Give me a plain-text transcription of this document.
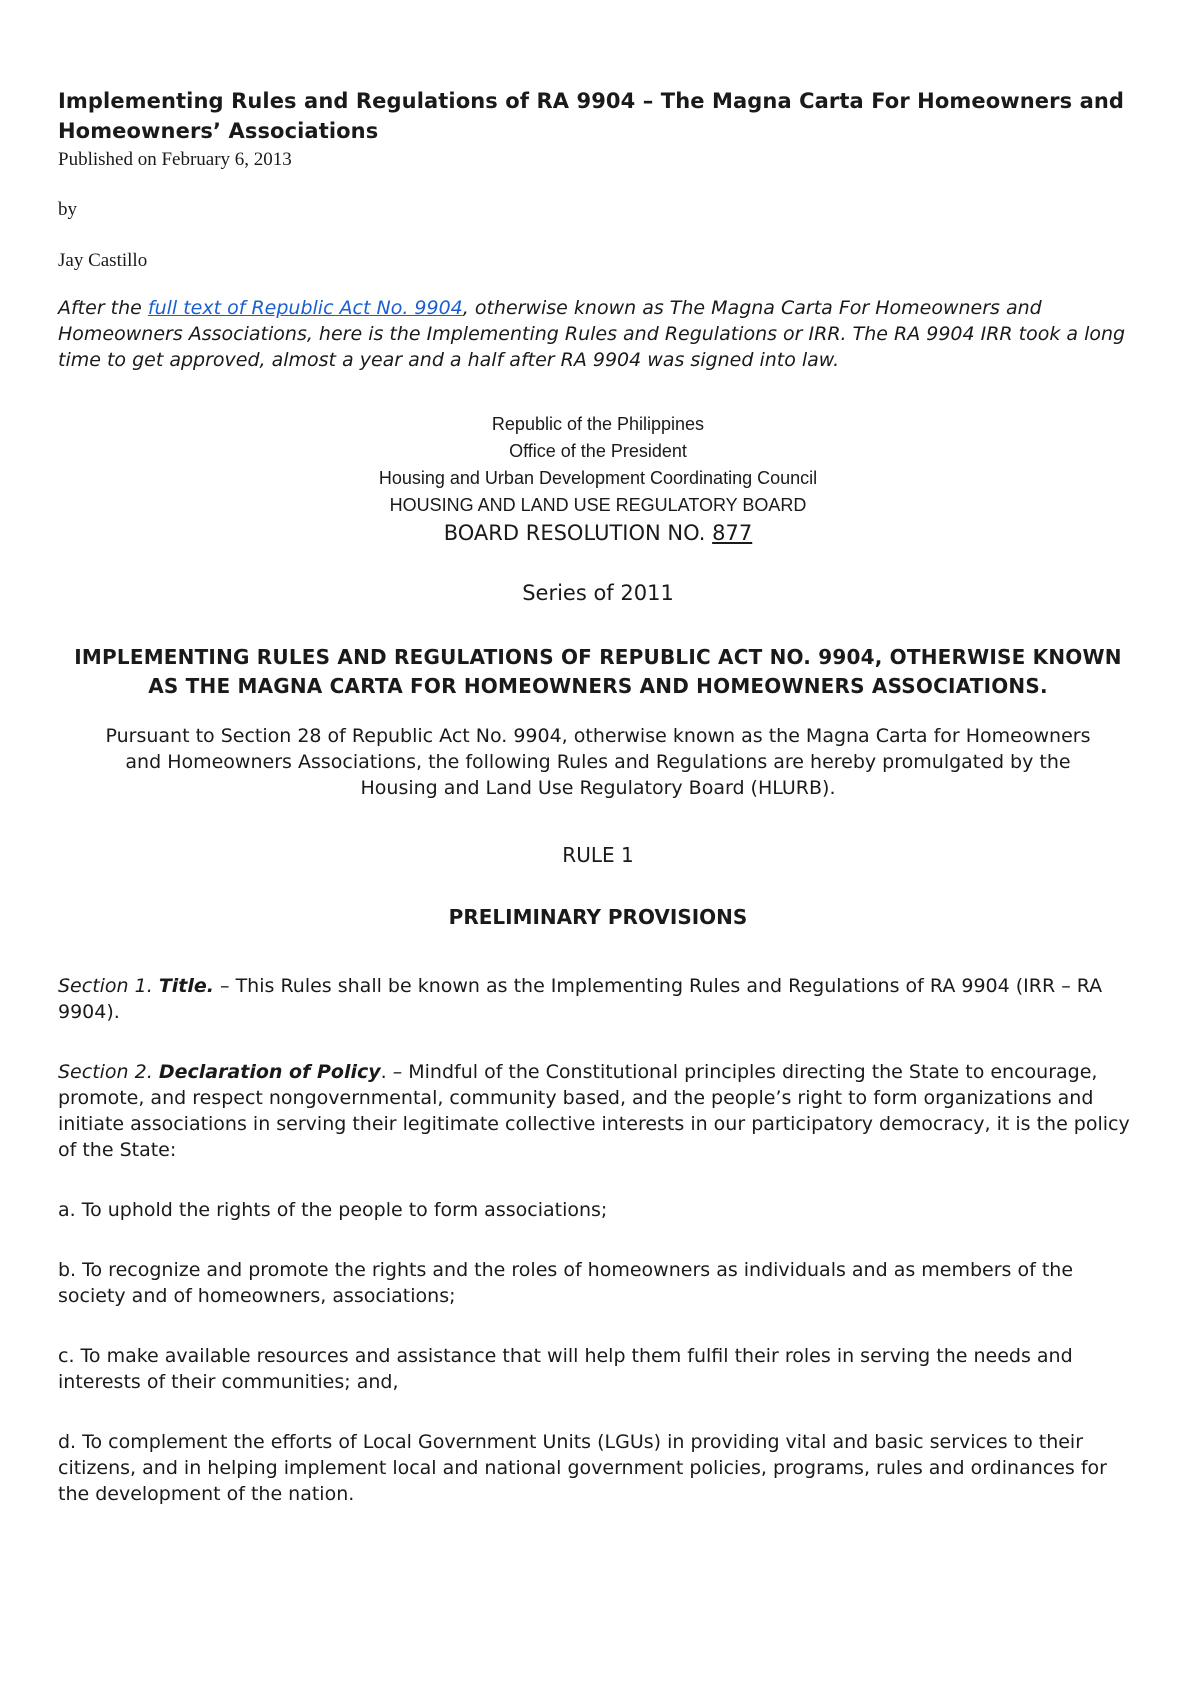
Implementing Rules and Regulations of RA 9904 – The Magna Carta For Homeowners and Homeowners’ Associations

Published on February 6, 2013

by

Jay Castillo

After the full text of Republic Act No. 9904, otherwise known as The Magna Carta For Homeowners and Homeowners Associations, here is the Implementing Rules and Regulations or IRR. The RA 9904 IRR took a long time to get approved, almost a year and a half after RA 9904 was signed into law.

Republic of the Philippines
Office of the President
Housing and Urban Development Coordinating Council
HOUSING AND LAND USE REGULATORY BOARD
BOARD RESOLUTION NO. 877
Series of 2011
IMPLEMENTING RULES AND REGULATIONS OF REPUBLIC ACT NO. 9904, OTHERWISE KNOWN AS THE MAGNA CARTA FOR HOMEOWNERS AND HOMEOWNERS ASSOCIATIONS.

Pursuant to Section 28 of Republic Act No. 9904, otherwise known as the Magna Carta for Homeowners and Homeowners Associations, the following Rules and Regulations are hereby promulgated by the Housing and Land Use Regulatory Board (HLURB).

RULE 1
PRELIMINARY PROVISIONS

Section 1. Title. – This Rules shall be known as the Implementing Rules and Regulations of RA 9904 (IRR – RA 9904).

Section 2. Declaration of Policy. – Mindful of the Constitutional principles directing the State to encourage, promote, and respect nongovernmental, community based, and the people’s right to form organizations and initiate associations in serving their legitimate collective interests in our participatory democracy, it is the policy of the State:

a. To uphold the rights of the people to form associations;

b. To recognize and promote the rights and the roles of homeowners as individuals and as members of the society and of homeowners, associations;

c. To make available resources and assistance that will help them fulfil their roles in serving the needs and interests of their communities; and,

d. To complement the efforts of Local Government Units (LGUs) in providing vital and basic services to their citizens, and in helping implement local and national government policies, programs, rules and ordinances for the development of the nation.
